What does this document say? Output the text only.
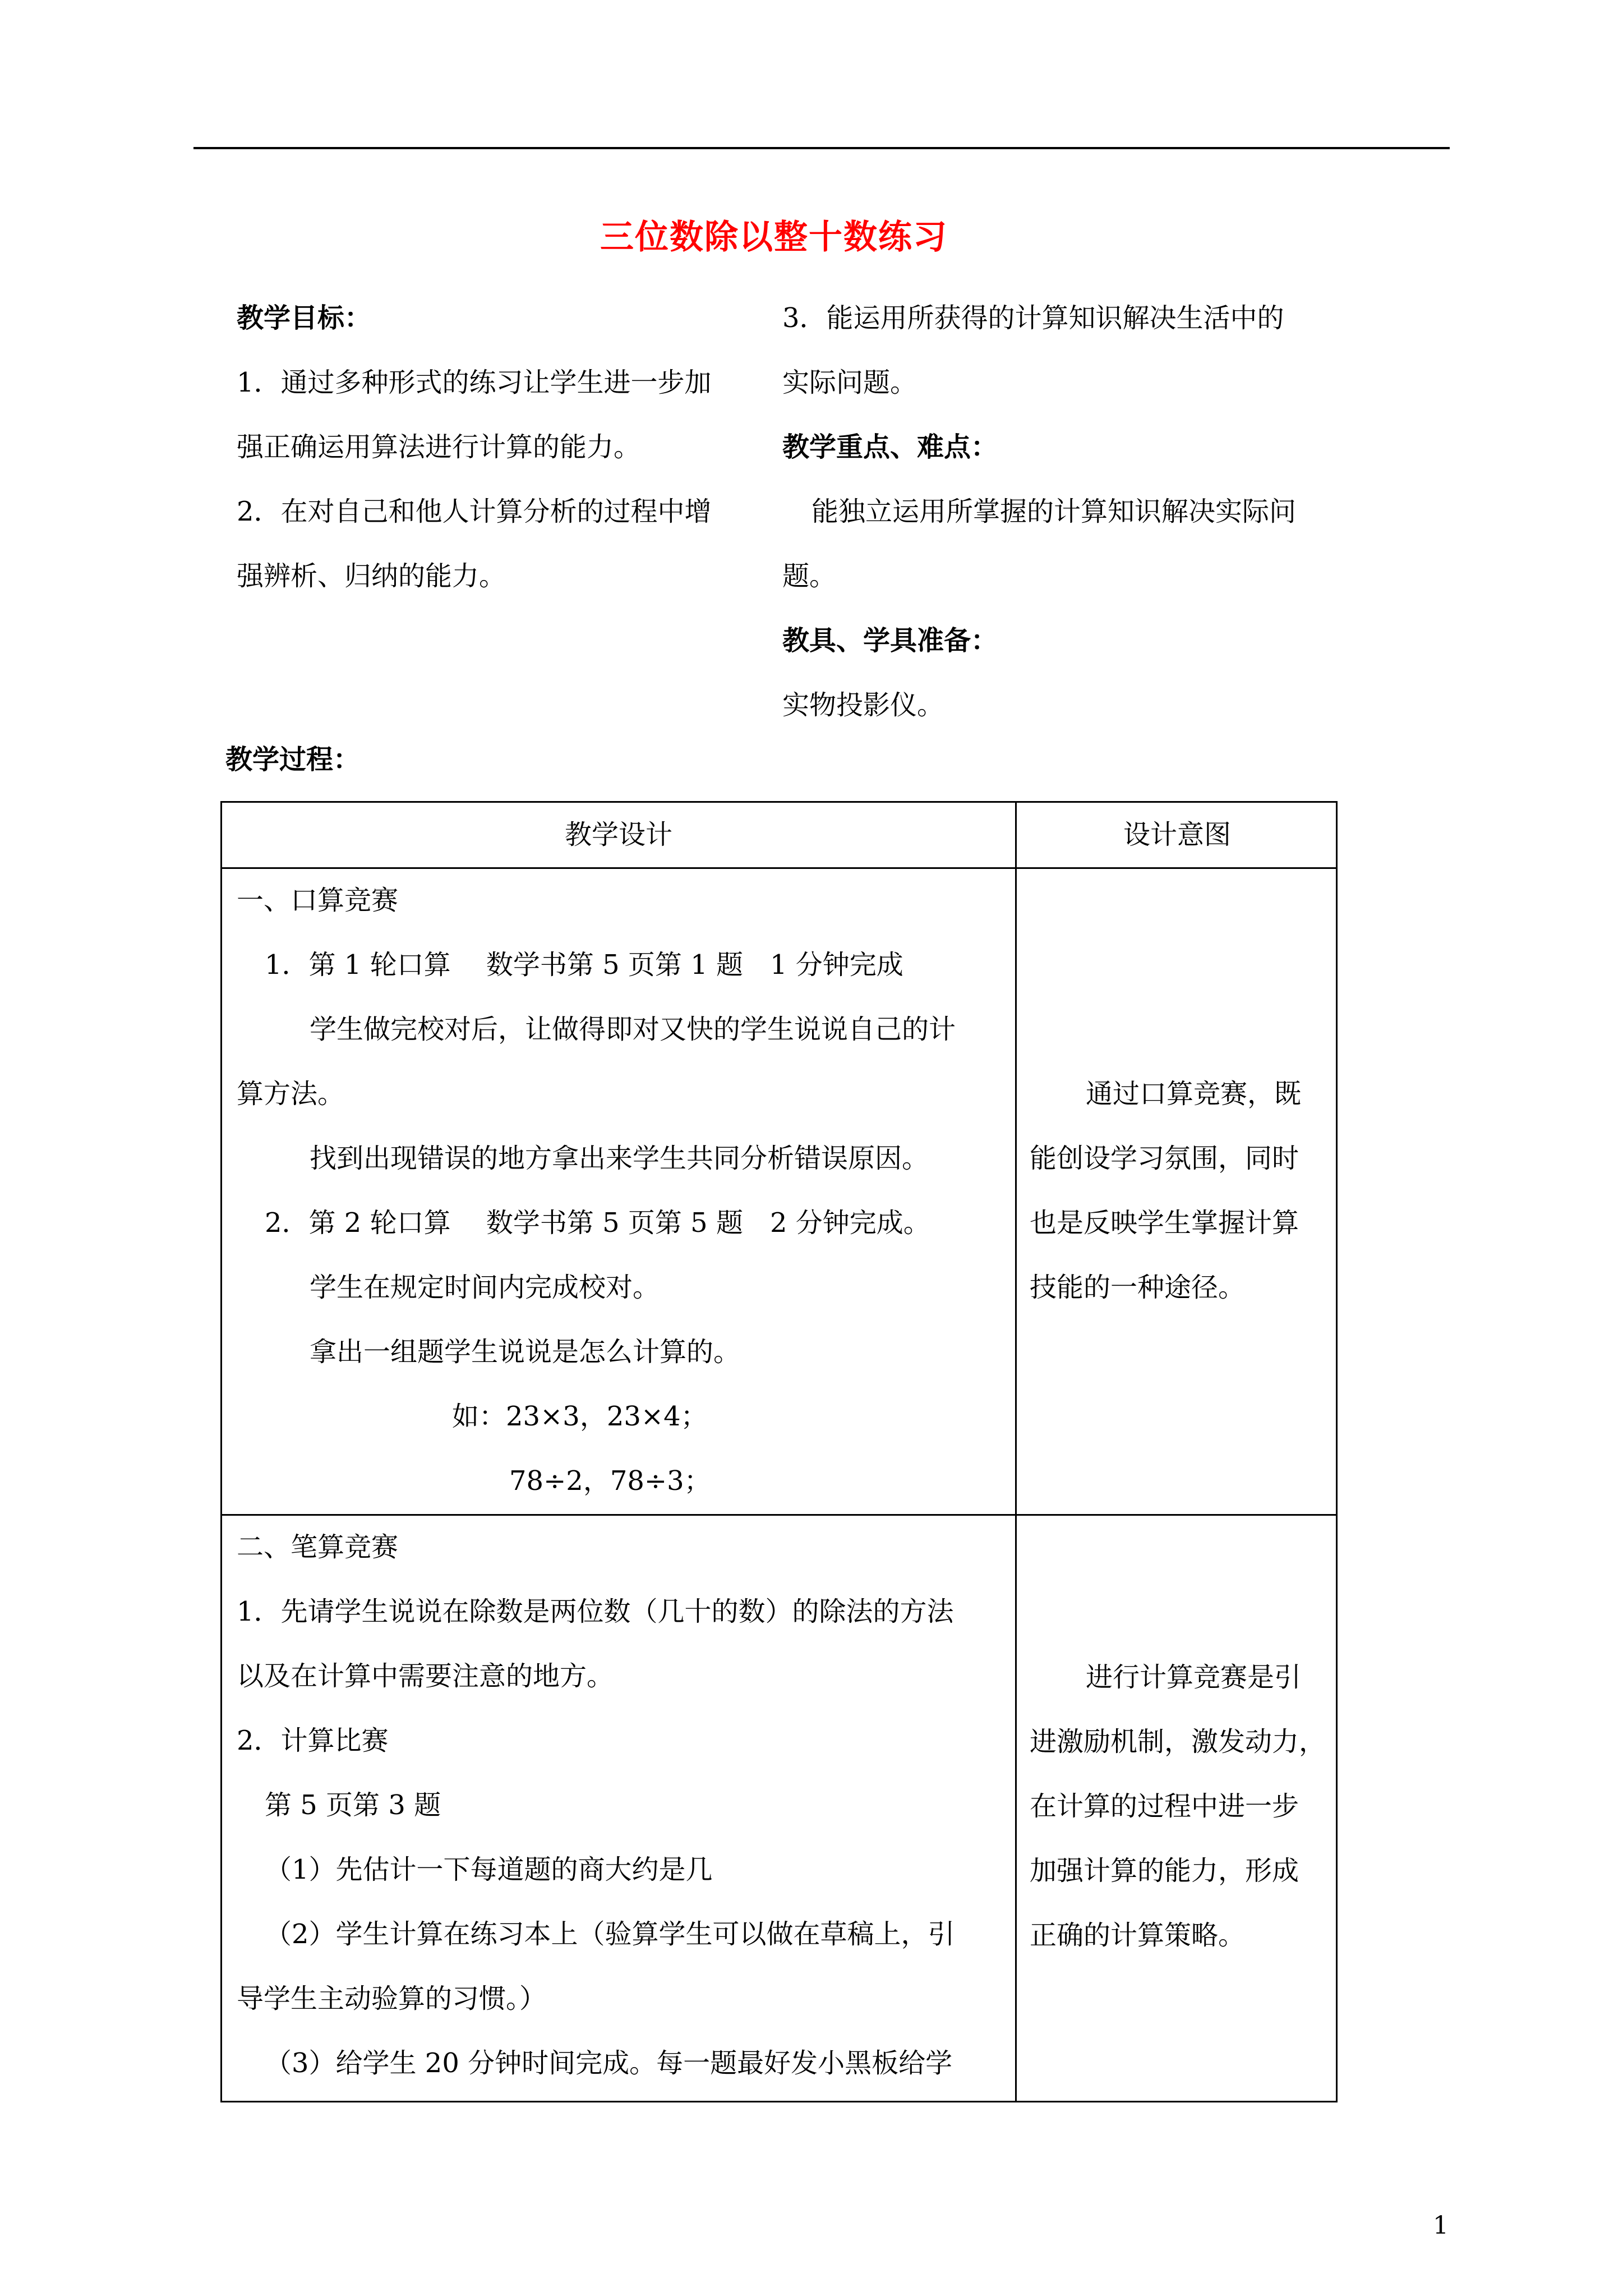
三位数除以整十数练习

教学目标：

1．通过多种形式的练习让学生进一步加

强正确运用算法进行计算的能力。

2．在对自己和他人计算分析的过程中增

强辨析、归纳的能力。

3．能运用所获得的计算知识解决生活中的

实际问题。

教学重点、难点：

能独立运用所掌握的计算知识解决实际问

题。

教具、学具准备：

实物投影仪。

教学过程：
教学设计	设计意图

一、口算竞赛

1．第 1 轮口算　 数学书第 5 页第 1 题　1 分钟完成

学生做完校对后，让做得即对又快的学生说说自己的计

算方法。

找到出现错误的地方拿出来学生共同分析错误原因。

2．第 2 轮口算　 数学书第 5 页第 5 题　2 分钟完成。

学生在规定时间内完成校对。

拿出一组题学生说说是怎么计算的。

如：23×3，23×4；

78÷2，78÷3；

通过口算竞赛，既

能创设学习氛围，同时

也是反映学生掌握计算

技能的一种途径。

二、笔算竞赛

1．先请学生说说在除数是两位数（几十的数）的除法的方法

以及在计算中需要注意的地方。

2．计算比赛

第 5 页第 3 题

（1）先估计一下每道题的商大约是几

（2）学生计算在练习本上（验算学生可以做在草稿上，引

导学生主动验算的习惯。）

（3）给学生 20 分钟时间完成。每一题最好发小黑板给学

进行计算竞赛是引

进激励机制，激发动力，

在计算的过程中进一步

加强计算的能力，形成

正确的计算策略。

1
